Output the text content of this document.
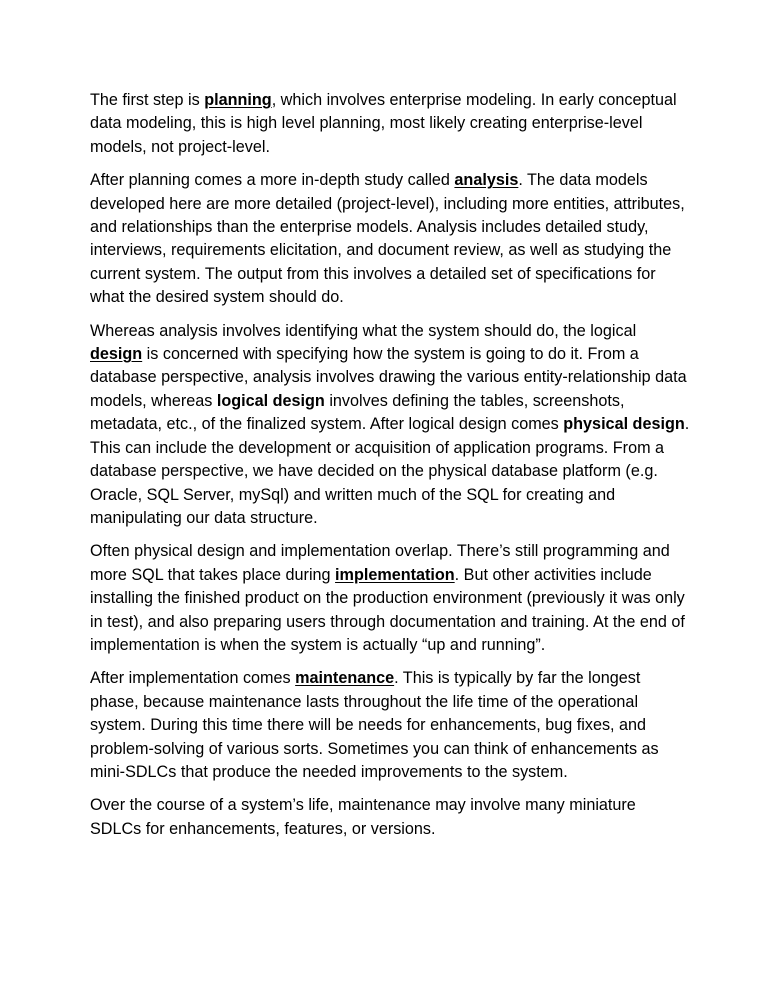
The first step is planning, which involves enterprise modeling. In early conceptual data modeling, this is high level planning, most likely creating enterprise-level models, not project-level.

After planning comes a more in-depth study called analysis. The data models developed here are more detailed (project-level), including more entities, attributes, and relationships than the enterprise models. Analysis includes detailed study, interviews, requirements elicitation, and document review, as well as studying the current system. The output from this involves a detailed set of specifications for what the desired system should do.

Whereas analysis involves identifying what the system should do, the logical design is concerned with specifying how the system is going to do it. From a database perspective, analysis involves drawing the various entity-relationship data models, whereas logical design involves defining the tables, screenshots, metadata, etc., of the finalized system. After logical design comes physical design. This can include the development or acquisition of application programs. From a database perspective, we have decided on the physical database platform (e.g. Oracle, SQL Server, mySql) and written much of the SQL for creating and manipulating our data structure.

Often physical design and implementation overlap. There’s still programming and more SQL that takes place during implementation. But other activities include installing the finished product on the production environment (previously it was only in test), and also preparing users through documentation and training. At the end of implementation is when the system is actually “up and running”.

After implementation comes maintenance. This is typically by far the longest phase, because maintenance lasts throughout the life time of the operational system. During this time there will be needs for enhancements, bug fixes, and problem-solving of various sorts. Sometimes you can think of enhancements as mini-SDLCs that produce the needed improvements to the system.

Over the course of a system’s life, maintenance may involve many miniature SDLCs for enhancements, features, or versions.
